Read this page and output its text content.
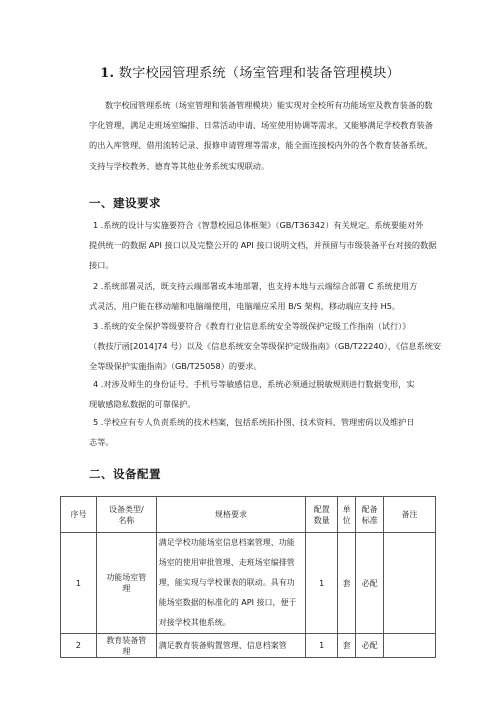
1. 数字校园管理系统（场室管理和装备管理模块）
数字校园管理系统（场室管理和装备管理模块）能实现对全校所有功能场室及教育装备的数
字化管理，满足走班场室编排、日常活动申请、场室使用协调等需求，又能够满足学校教育装备
的出入库管理、借用流转记录、报修申请管理等需求，能全面连接校内外的各个教育装备系统，
支持与学校教务、德育等其他业务系统实现联动。
一、建设要求
1 .系统的设计与实施要符合《智慧校园总体框架》（GB/T36342）有关规定。系统要能对外
提供统一的数据 API 接口以及完整公开的 API 接口说明文档，并预留与市级装备平台对接的数据
接口。
2 .系统部署灵活，既支持云端部署或本地部署，也支持本地与云端综合部署 C 系统使用方
式灵活，用户能在移动端和电脑端使用，电脑端应采用 B/S 架构，移动端应支持 H5。
3 .系统的安全保护等级要符合《教育行业信息系统安全等级保护定级工作指南（试行）》
（教技厅函[2014]74 号）以及《信息系统安全等级保护定级指南》（GB/T22240），《信息系统安
全等级保护实施指南》（GB/T25058）的要求。
4 .对涉及师生的身份证号、手机号等敏感信息，系统必须通过脱敏规则进行数据变形，实
现敏感隐私数据的可靠保护。
5 .学校应有专人负责系统的技术档案，包括系统拓扑图、技术资料、管理密码以及维护日
志等。
二、设备配置
序号	设备类型/
名称	规格要求	配置
数量	单
位	配备
标准	备注
1	功能场室管
理	满足学校功能场室信息档案管理、功能
场室的使用审批管理、走班场室编排管
理，能实现与学校课表的联动。具有功
能场室数据的标准化的 API 接口，便于
对接学校其他系统。	1	套	必配	
2	教育装备管
理	满足教育装备购置管理、信息档案管	1	套	必配	
